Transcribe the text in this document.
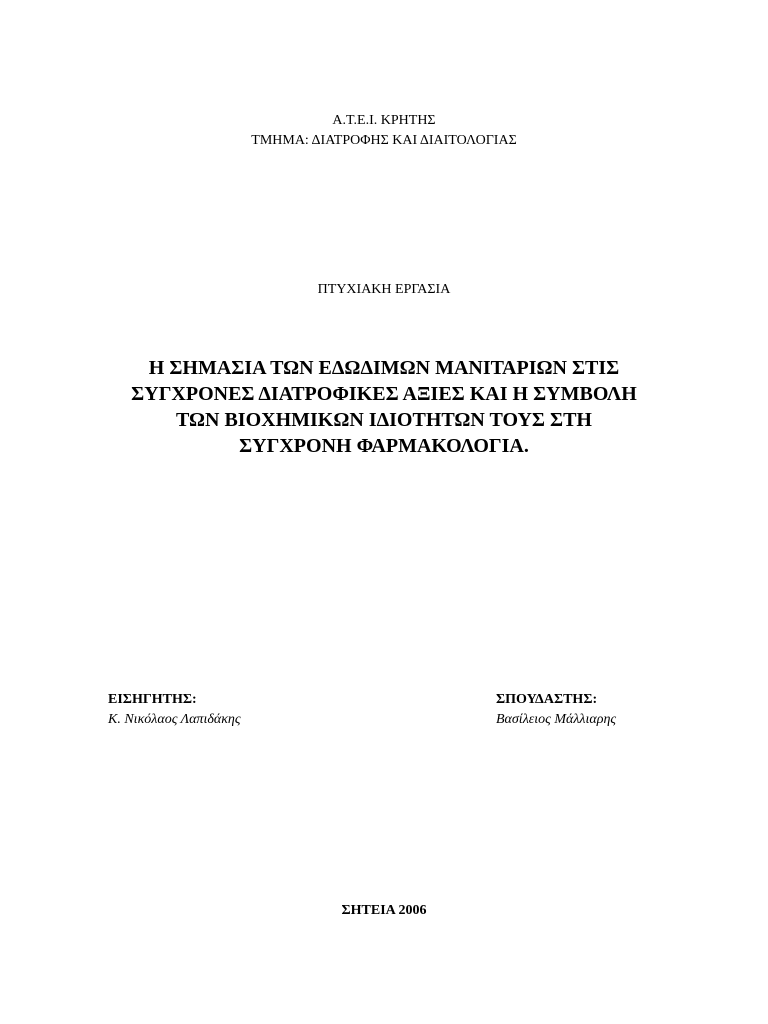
Α.Τ.Ε.Ι. ΚΡΗΤΗΣ
ΤΜΗΜΑ: ΔΙΑΤΡΟΦΗΣ ΚΑΙ ΔΙΑΙΤΟΛΟΓΙΑΣ
ΠΤΥΧΙΑΚΗ ΕΡΓΑΣΙΑ
Η ΣΗΜΑΣΙΑ ΤΩΝ ΕΔΩΔΙΜΩΝ ΜΑΝΙΤΑΡΙΩΝ ΣΤΙΣ
ΣΥΓΧΡΟΝΕΣ ΔΙΑΤΡΟΦΙΚΕΣ ΑΞΙΕΣ ΚΑΙ Η ΣΥΜΒΟΛΗ
ΤΩΝ ΒΙΟΧΗΜΙΚΩΝ ΙΔΙΟΤΗΤΩΝ ΤΟΥΣ ΣΤΗ
ΣΥΓΧΡΟΝΗ ΦΑΡΜΑΚΟΛΟΓΙΑ.
ΕΙΣΗΓΗΤΗΣ:
Κ. Νικόλαος Λαπιδάκης
ΣΠΟΥΔΑΣΤΗΣ:
Βασίλειος Μάλλιαρης
ΣΗΤΕΙΑ 2006
